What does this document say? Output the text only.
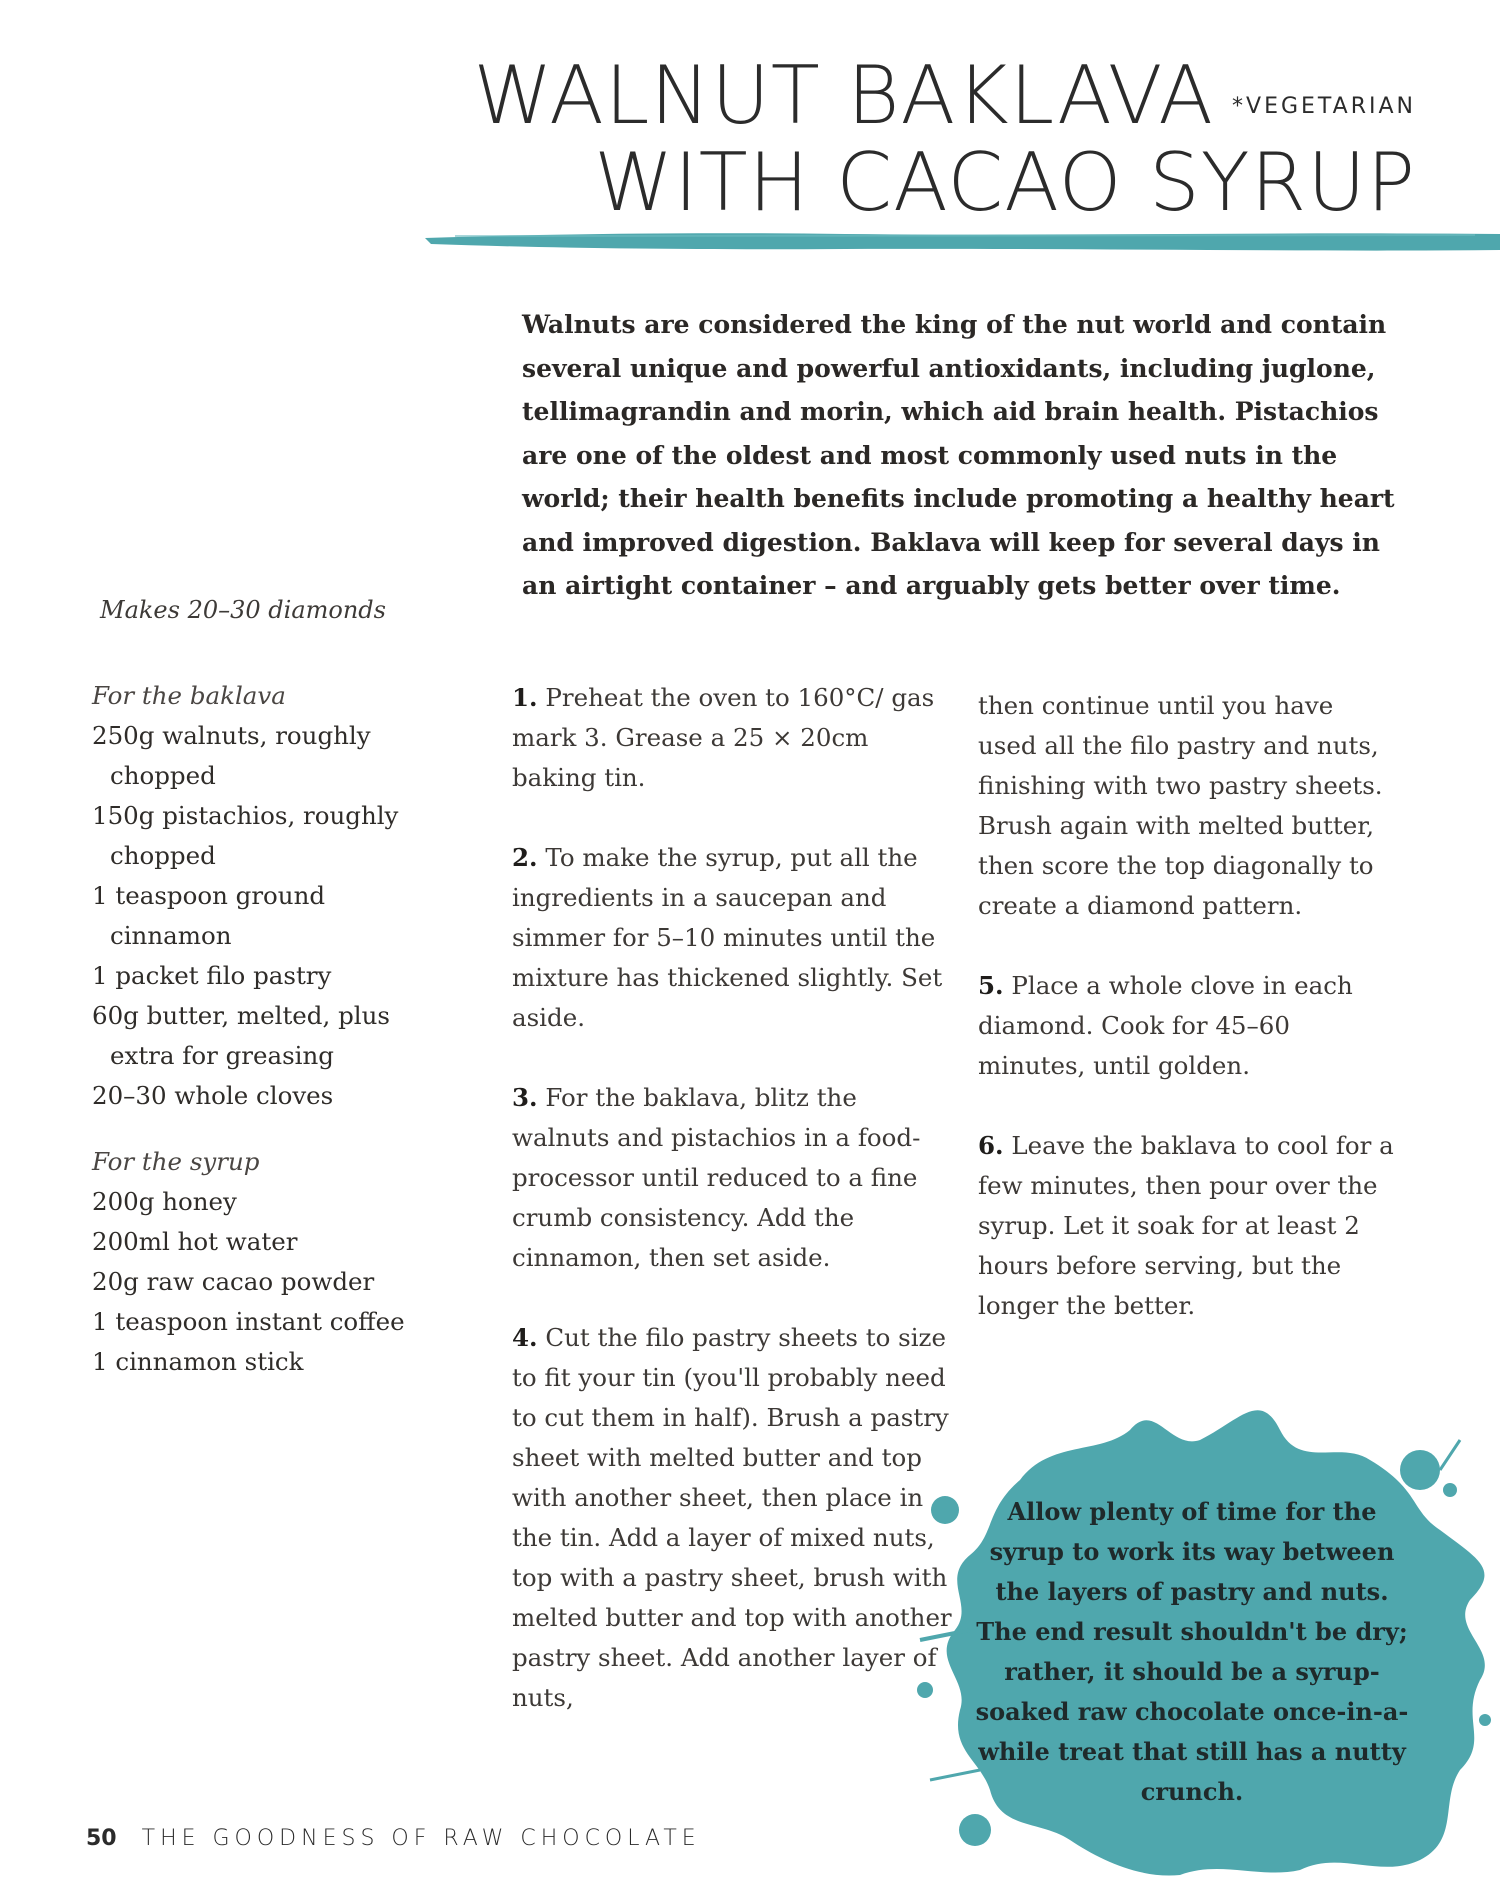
WALNUT BAKLAVA *VEGETARIAN
WITH CACAO SYRUP

Walnuts are considered the king of the nut world and contain several unique and powerful antioxidants, including juglone, tellimagrandin and morin, which aid brain health. Pistachios are one of the oldest and most commonly used nuts in the world; their health benefits include promoting a healthy heart and improved digestion. Baklava will keep for several days in an airtight container – and arguably gets better over time.

Makes 20–30 diamonds
For the baklava
250g walnuts, roughly chopped
150g pistachios, roughly chopped
1 teaspoon ground cinnamon
1 packet filo pastry
60g butter, melted, plus extra for greasing
20–30 whole cloves
For the syrup
200g honey
200ml hot water
20g raw cacao powder
1 teaspoon instant coffee
1 cinnamon stick

1. Preheat the oven to 160°C/ gas mark 3. Grease a 25 × 20cm baking tin.

2. To make the syrup, put all the ingredients in a saucepan and simmer for 5–10 minutes until the mixture has thickened slightly. Set aside.

3. For the baklava, blitz the walnuts and pistachios in a food-processor until reduced to a fine crumb consistency. Add the cinnamon, then set aside.

4. Cut the filo pastry sheets to size to fit your tin (you'll probably need to cut them in half). Brush a pastry sheet with melted butter and top with another sheet, then place in the tin. Add a layer of mixed nuts, top with a pastry sheet, brush with melted butter and top with another pastry sheet. Add another layer of nuts,

then continue until you have used all the filo pastry and nuts, finishing with two pastry sheets. Brush again with melted butter, then score the top diagonally to create a diamond pattern.

5. Place a whole clove in each diamond. Cook for 45–60 minutes, until golden.

6. Leave the baklava to cool for a few minutes, then pour over the syrup. Let it soak for at least 2 hours before serving, but the longer the better.

Allow plenty of time for the syrup to work its way between the layers of pastry and nuts. The end result shouldn't be dry; rather, it should be a syrup-soaked raw chocolate once-in-a-while treat that still has a nutty crunch.
50 THE GOODNESS OF RAW CHOCOLATE
